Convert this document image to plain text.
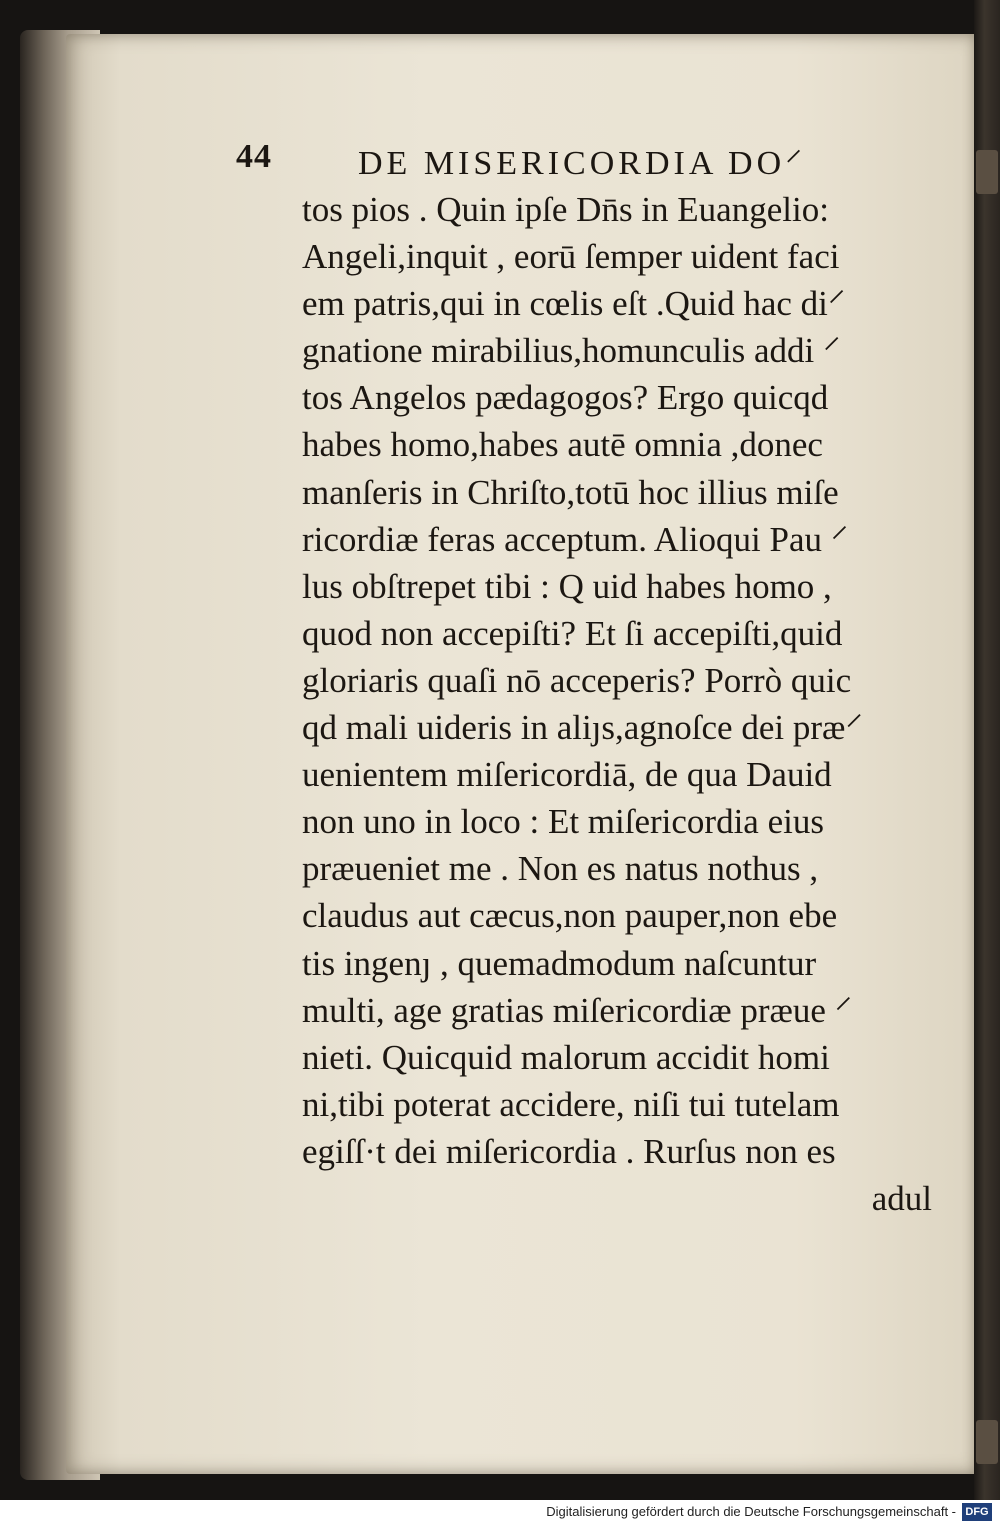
44	DE MISERICORDIA DO⸍
tos pios . Quin ipſe Dn̄s in Euangelio:
Angeli,inquit , eorū ſemper uident faci
em patris,qui in cœlis eſt .Quid hac di⸍
gnatione mirabilius,homunculis addi ⸍
tos Angelos pædagogos? Ergo quicqd
habes homo,habes autē omnia ,donec
manſeris in Chriſto,totū hoc illius miſe
ricordiæ feras acceptum. Alioqui Pau ⸍
lus obſtrepet tibi : Q uid habes homo ,
quod non accepiſti? Et ſi accepiſti,quid
gloriaris quaſi nō acceperis? Porrò quic
qd mali uideris in aliȷs,agnoſce dei præ⸍
uenientem miſericordiā, de qua Dauid
non uno in loco : Et miſericordia eius
præueniet me . Non es natus nothus ,
claudus aut cæcus,non pauper,non ebe
tis ingenȷ , quemadmodum naſcuntur
multi, age gratias miſericordiæ præue ⸍
nieti. Quicquid malorum accidit homi
ni,tibi poterat accidere, niſi tui tutelam
egiſſ·t dei miſericordia . Rurſus non es
adul
Digitalisierung gefördert durch die Deutsche Forschungsgemeinschaft - DFG
